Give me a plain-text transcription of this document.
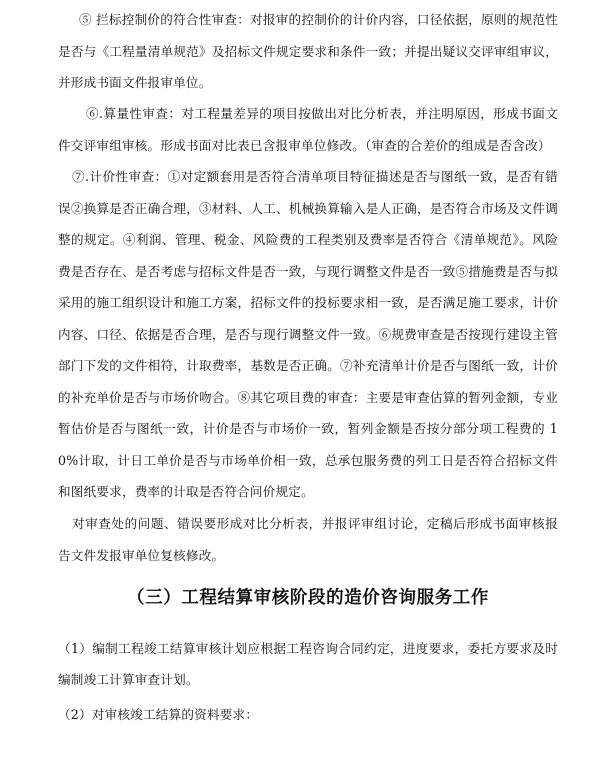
⑤ 拦标控制价的符合性审查：对报审的控制价的计价内容，口径依据，原则的规范性是否与《工程量清单规范》及招标文件规定要求和条件一致；并提出疑议交评审组审议，并形成书面文件报审单位。

⑥.算量性审查：对工程量差异的项目按做出对比分析表，并注明原因，形成书面文件交评审组审核。形成书面对比表已含报审单位修改。（审查的合差价的组成是否含改）

⑦.计价性审查：①对定额套用是否符合清单项目特征描述是否与图纸一致，是否有错误②换算是否正确合理，③材料、人工、机械换算输入是人正确，是否符合市场及文件调整的规定。④利润、管理、税金、风险费的工程类别及费率是否符合《清单规范》。风险费是否存在、是否考虑与招标文件是否一致，与现行调整文件是否一致⑤措施费是否与拟采用的施工组织设计和施工方案，招标文件的投标要求相一致，是否满足施工要求，计价内容、口径、依据是否合理，是否与现行调整文件一致。⑥规费审查是否按现行建设主管部门下发的文件相符，计取费率，基数是否正确。⑦补充清单计价是否与图纸一致，计价的补充单价是否与市场价吻合。⑧其它项目费的审查：主要是审查估算的暂列金额，专业暂估价是否与图纸一致，计价是否与市场价一致，暂列金额是否按分部分项工程费的 10%计取，计日工单价是否与市场单价相一致，总承包服务费的列工日是否符合招标文件和图纸要求，费率的计取是否符合问价规定。

对审查处的问题、错误要形成对比分析表，并报评审组讨论，定稿后形成书面审核报告文件发报审单位复核修改。

（三）工程结算审核阶段的造价咨询服务工作

（1）编制工程竣工结算审核计划应根据工程咨询合同约定，进度要求，委托方要求及时编制竣工计算审查计划。

（2）对审核竣工结算的资料要求：
